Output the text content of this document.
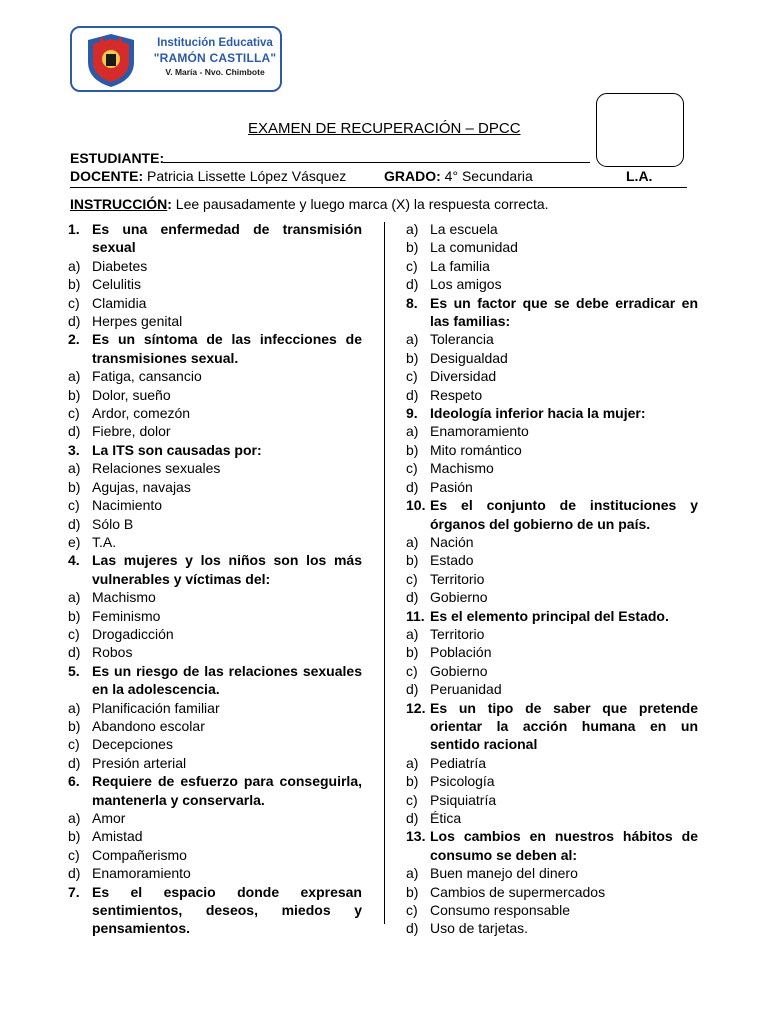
Institución Educativa
"RAMÓN CASTILLA"
V. María - Nvo. Chimbote
EXAMEN DE RECUPERACIÓN – DPCC
ESTUDIANTE:
DOCENTE: Patricia Lissette López Vásquez	GRADO: 4° Secundaria	L.A.
INSTRUCCIÓN: Lee pausadamente y luego marca (X) la respuesta correcta.
1. Es una enfermedad de transmisión sexual
a) Diabetes
b) Celulitis
c) Clamidia
d) Herpes genital
2. Es un síntoma de las infecciones de transmisiones sexual.
a) Fatiga, cansancio
b) Dolor, sueño
c) Ardor, comezón
d) Fiebre, dolor
3. La ITS son causadas por:
a) Relaciones sexuales
b) Agujas, navajas
c) Nacimiento
d) Sólo B
e) T.A.
4. Las mujeres y los niños son los más vulnerables y víctimas del:
a) Machismo
b) Feminismo
c) Drogadicción
d) Robos
5. Es un riesgo de las relaciones sexuales en la adolescencia.
a) Planificación familiar
b) Abandono escolar
c) Decepciones
d) Presión arterial
6. Requiere de esfuerzo para conseguirla, mantenerla y conservarla.
a) Amor
b) Amistad
c) Compañerismo
d) Enamoramiento
7. Es el espacio donde expresan sentimientos, deseos, miedos y pensamientos.
a) La escuela
b) La comunidad
c) La familia
d) Los amigos
8. Es un factor que se debe erradicar en las familias:
a) Tolerancia
b) Desigualdad
c) Diversidad
d) Respeto
9. Ideología inferior hacia la mujer:
a) Enamoramiento
b) Mito romántico
c) Machismo
d) Pasión
10. Es el conjunto de instituciones y órganos del gobierno de un país.
a) Nación
b) Estado
c) Territorio
d) Gobierno
11. Es el elemento principal del Estado.
a) Territorio
b) Población
c) Gobierno
d) Peruanidad
12. Es un tipo de saber que pretende orientar la acción humana en un sentido racional
a) Pediatría
b) Psicología
c) Psiquiatría
d) Ética
13. Los cambios en nuestros hábitos de consumo se deben al:
a) Buen manejo del dinero
b) Cambios de supermercados
c) Consumo responsable
d) Uso de tarjetas.
